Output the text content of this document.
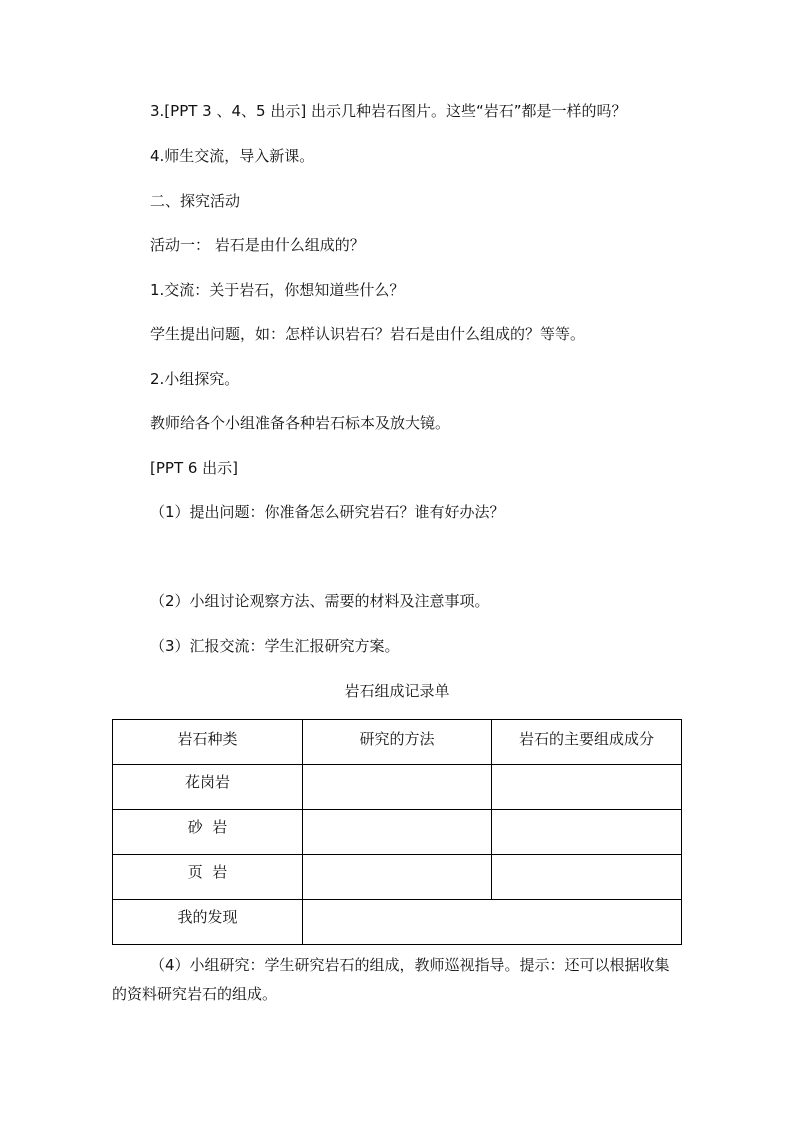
3.[PPT 3 、4、5 出示] 出示几种岩石图片。这些“岩石”都是一样的吗？
4.师生交流，导入新课。
二、探究活动
活动一： 岩石是由什么组成的？
1.交流：关于岩石，你想知道些什么？
学生提出问题，如：怎样认识岩石？岩石是由什么组成的？等等。
2.小组探究。
教师给各个小组准备各种岩石标本及放大镜。
[PPT 6 出示]
（1）提出问题：你准备怎么研究岩石？谁有好办法？
（2）小组讨论观察方法、需要的材料及注意事项。
（3）汇报交流：学生汇报研究方案。
岩石组成记录单
岩石种类	研究的方法	岩石的主要组成成分
花岗岩		
砂  岩		
页  岩		
我的发现		
（4）小组研究：学生研究岩石的组成，教师巡视指导。提示：还可以根据收集的资料研究岩石的组成。
